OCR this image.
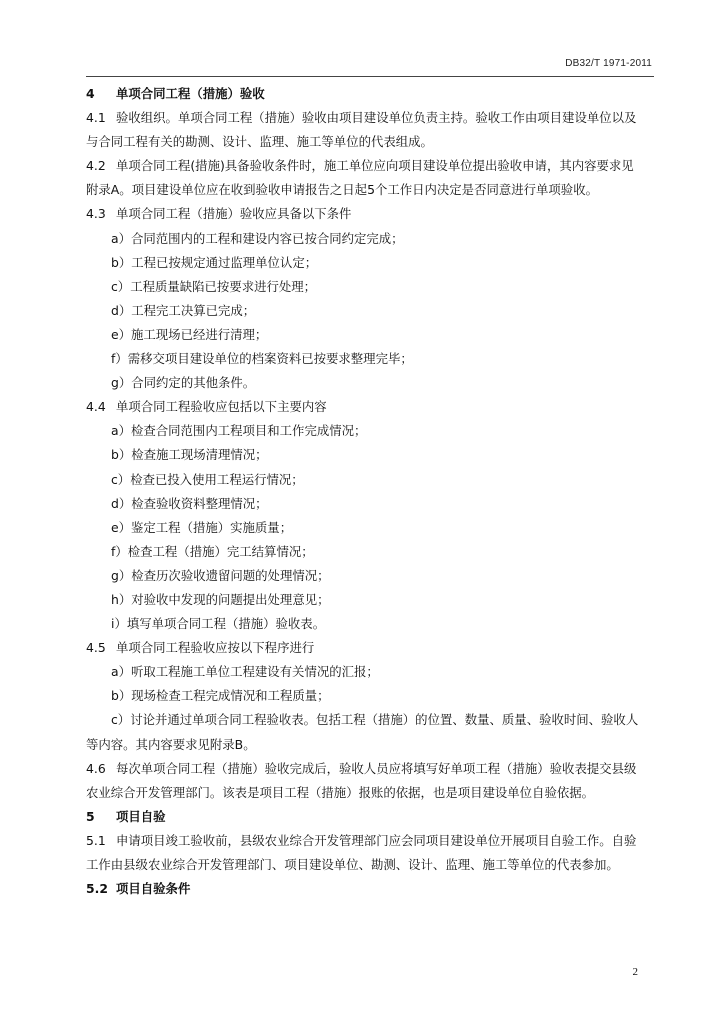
DB32/T 1971-2011
4 单项合同工程（措施）验收
4.1 验收组织。单项合同工程（措施）验收由项目建设单位负责主持。验收工作由项目建设单位以及
与合同工程有关的勘测、设计、监理、施工等单位的代表组成。
4.2 单项合同工程(措施)具备验收条件时，施工单位应向项目建设单位提出验收申请，其内容要求见
附录A。项目建设单位应在收到验收申请报告之日起5个工作日内决定是否同意进行单项验收。
4.3 单项合同工程（措施）验收应具备以下条件
a）合同范围内的工程和建设内容已按合同约定完成；
b）工程已按规定通过监理单位认定；
c）工程质量缺陷已按要求进行处理；
d）工程完工决算已完成；
e）施工现场已经进行清理；
f）需移交项目建设单位的档案资料已按要求整理完毕；
g）合同约定的其他条件。
4.4 单项合同工程验收应包括以下主要内容
a）检查合同范围内工程项目和工作完成情况；
b）检查施工现场清理情况；
c）检查已投入使用工程运行情况；
d）检查验收资料整理情况；
e）鉴定工程（措施）实施质量；
f）检查工程（措施）完工结算情况；
g）检查历次验收遗留问题的处理情况；
h）对验收中发现的问题提出处理意见；
i）填写单项合同工程（措施）验收表。
4.5 单项合同工程验收应按以下程序进行
a）听取工程施工单位工程建设有关情况的汇报；
b）现场检查工程完成情况和工程质量；
c）讨论并通过单项合同工程验收表。包括工程（措施）的位置、数量、质量、验收时间、验收人
等内容。其内容要求见附录B。
4.6 每次单项合同工程（措施）验收完成后，验收人员应将填写好单项工程（措施）验收表提交县级
农业综合开发管理部门。该表是项目工程（措施）报账的依据，也是项目建设单位自验依据。
5 项目自验
5.1 申请项目竣工验收前，县级农业综合开发管理部门应会同项目建设单位开展项目自验工作。自验
工作由县级农业综合开发管理部门、项目建设单位、勘测、设计、监理、施工等单位的代表参加。
5.2 项目自验条件
2
